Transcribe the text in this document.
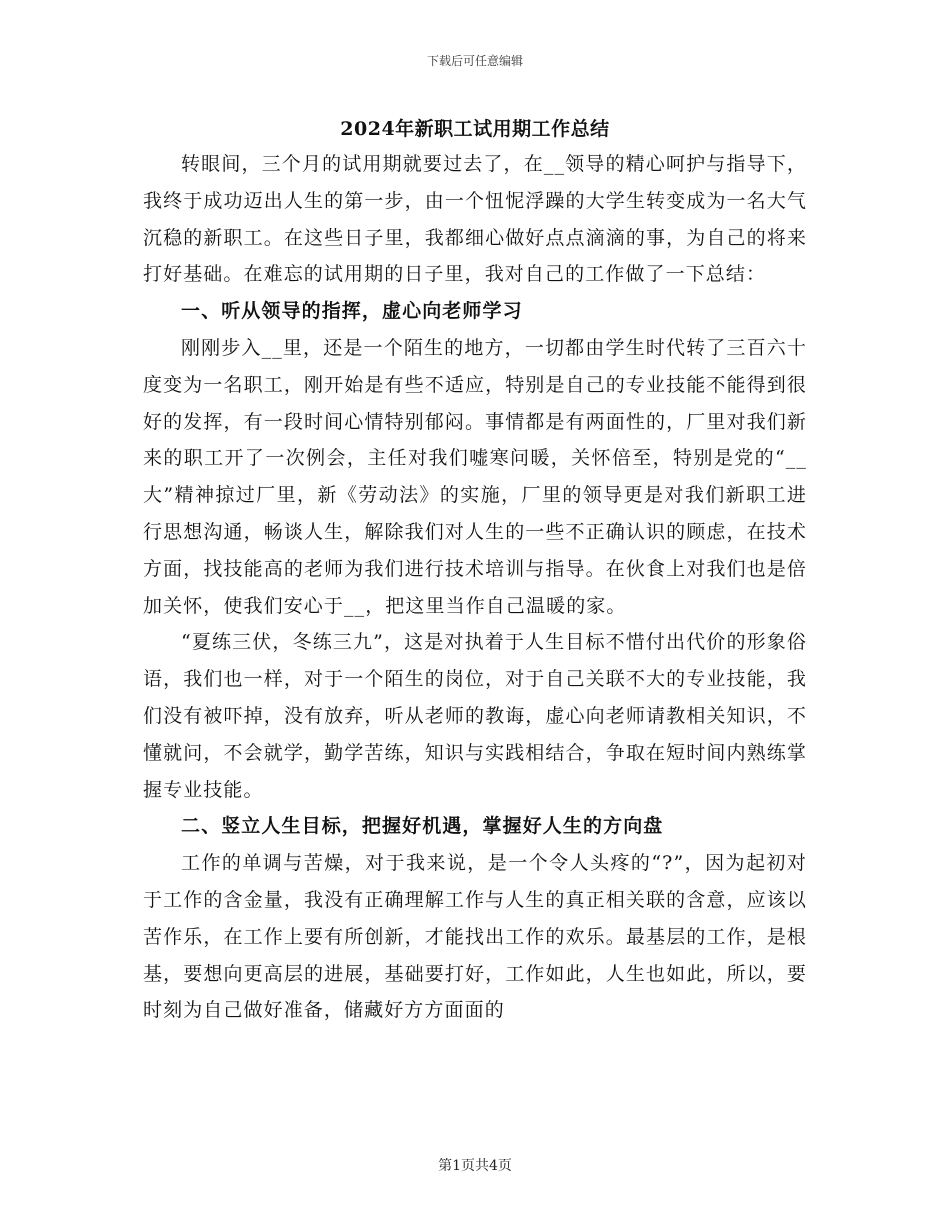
下载后可任意编辑
2024年新职工试用期工作总结

转眼间，三个月的试用期就要过去了，在__领导的精心呵护与指导下，我终于成功迈出人生的第一步，由一个忸怩浮躁的大学生转变成为一名大气沉稳的新职工。在这些日子里，我都细心做好点点滴滴的事，为自己的将来打好基础。在难忘的试用期的日子里，我对自己的工作做了一下总结：

一、听从领导的指挥，虚心向老师学习

刚刚步入__里，还是一个陌生的地方，一切都由学生时代转了三百六十度变为一名职工，刚开始是有些不适应，特别是自己的专业技能不能得到很好的发挥，有一段时间心情特别郁闷。事情都是有两面性的，厂里对我们新来的职工开了一次例会，主任对我们嘘寒问暖，关怀倍至，特别是党的“__大”精神掠过厂里，新《劳动法》的实施，厂里的领导更是对我们新职工进行思想沟通，畅谈人生，解除我们对人生的一些不正确认识的顾虑，在技术方面，找技能高的老师为我们进行技术培训与指导。在伙食上对我们也是倍加关怀，使我们安心于__，把这里当作自己温暖的家。

“夏练三伏，冬练三九”，这是对执着于人生目标不惜付出代价的形象俗语，我们也一样，对于一个陌生的岗位，对于自己关联不大的专业技能，我们没有被吓掉，没有放弃，听从老师的教诲，虚心向老师请教相关知识，不懂就问，不会就学，勤学苦练，知识与实践相结合，争取在短时间内熟练掌握专业技能。

二、竖立人生目标，把握好机遇，掌握好人生的方向盘

工作的单调与苦燥，对于我来说，是一个令人头疼的“?”，因为起初对于工作的含金量，我没有正确理解工作与人生的真正相关联的含意，应该以苦作乐，在工作上要有所创新，才能找出工作的欢乐。最基层的工作，是根基，要想向更高层的进展，基础要打好，工作如此，人生也如此，所以，要时刻为自己做好准备，储藏好方方面面的

第1页共4页
